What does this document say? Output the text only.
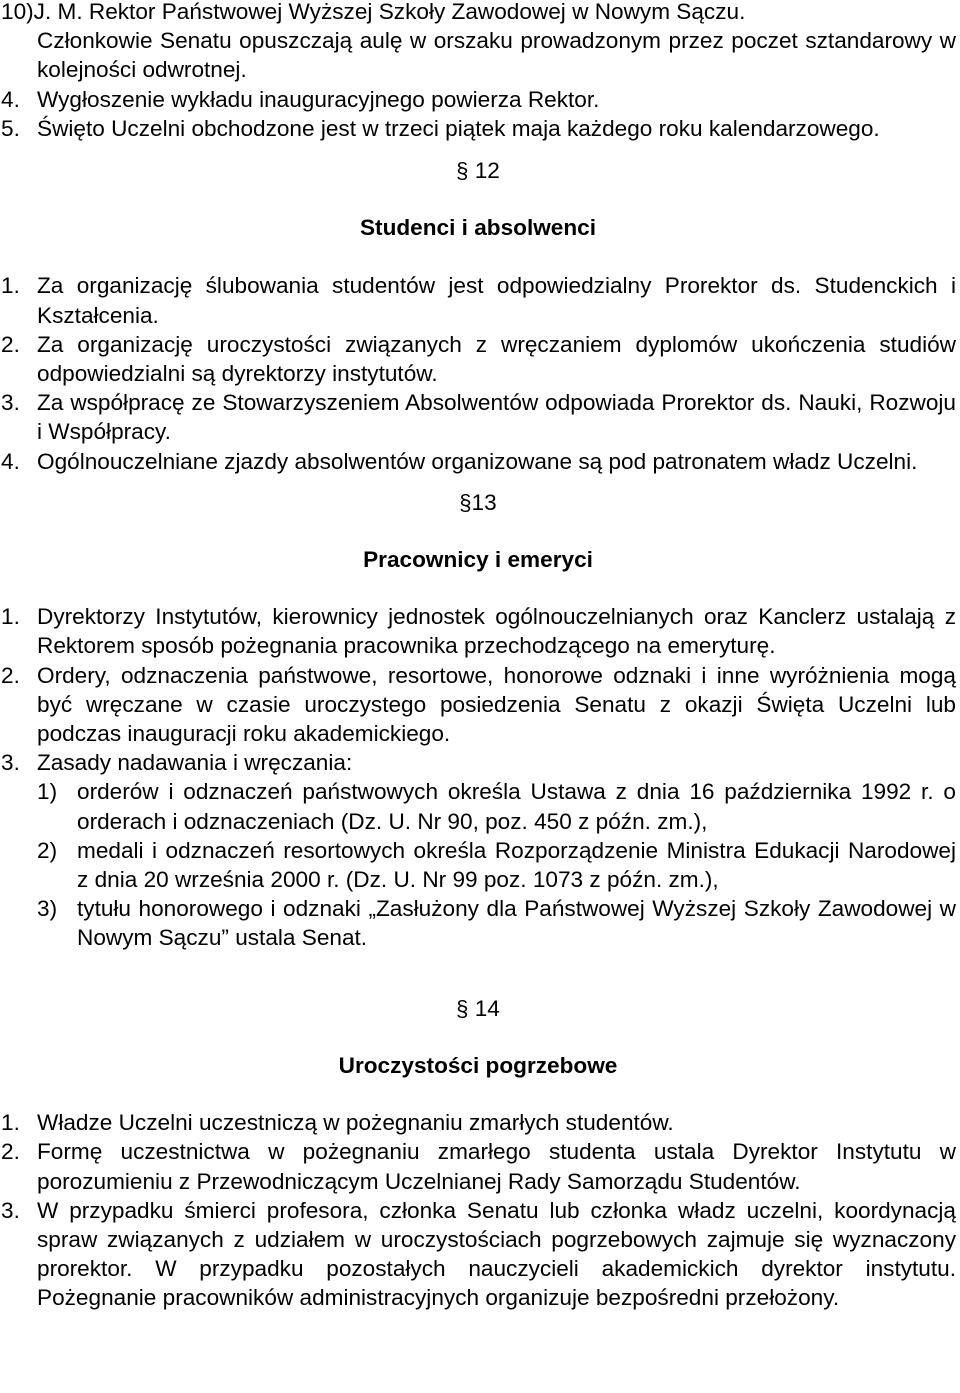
10)J. M. Rektor Państwowej Wyższej Szkoły Zawodowej w Nowym Sączu.
Członkowie Senatu opuszczają aulę w orszaku prowadzonym przez poczet sztandarowy w kolejności odwrotnej.
4. Wygłoszenie wykładu inauguracyjnego powierza Rektor.
5. Święto Uczelni obchodzone jest w trzeci piątek maja każdego roku kalendarzowego.
§ 12
Studenci i absolwenci
1. Za organizację ślubowania studentów jest odpowiedzialny Prorektor ds. Studenckich i Kształcenia.
2. Za organizację uroczystości związanych z wręczaniem dyplomów ukończenia studiów odpowiedzialni są dyrektorzy instytutów.
3. Za współpracę ze Stowarzyszeniem Absolwentów odpowiada Prorektor ds. Nauki, Rozwoju i Współpracy.
4. Ogólnouczelniane zjazdy absolwentów organizowane są pod patronatem władz Uczelni.
§13
Pracownicy i emeryci
1. Dyrektorzy Instytutów, kierownicy jednostek ogólnouczelnianych oraz Kanclerz ustalają z Rektorem sposób pożegnania pracownika przechodzącego na emeryturę.
2. Ordery, odznaczenia państwowe, resortowe, honorowe odznaki i inne wyróżnienia mogą być wręczane w czasie uroczystego posiedzenia Senatu z okazji Święta Uczelni lub podczas inauguracji roku akademickiego.
3. Zasady nadawania i wręczania:
1) orderów i odznaczeń państwowych określa Ustawa z dnia 16 października 1992 r. o orderach i odznaczeniach (Dz. U. Nr 90, poz. 450 z późn. zm.),
2) medali i odznaczeń resortowych określa Rozporządzenie Ministra Edukacji Narodowej z dnia 20 września 2000 r. (Dz. U. Nr 99 poz. 1073 z późn. zm.),
3) tytułu honorowego i odznaki „Zasłużony dla Państwowej Wyższej Szkoły Zawodowej w Nowym Sączu” ustala Senat.
§ 14
Uroczystości pogrzebowe
1. Władze Uczelni uczestniczą w pożegnaniu zmarłych studentów.
2. Formę uczestnictwa w pożegnaniu zmarłego studenta ustala Dyrektor Instytutu w porozumieniu z Przewodniczącym Uczelnianej Rady Samorządu Studentów.
3. W przypadku śmierci profesora, członka Senatu lub członka władz uczelni, koordynacją spraw związanych z udziałem w uroczystościach pogrzebowych zajmuje się wyznaczony prorektor. W przypadku pozostałych nauczycieli akademickich dyrektor instytutu. Pożegnanie pracowników administracyjnych organizuje bezpośredni przełożony.
